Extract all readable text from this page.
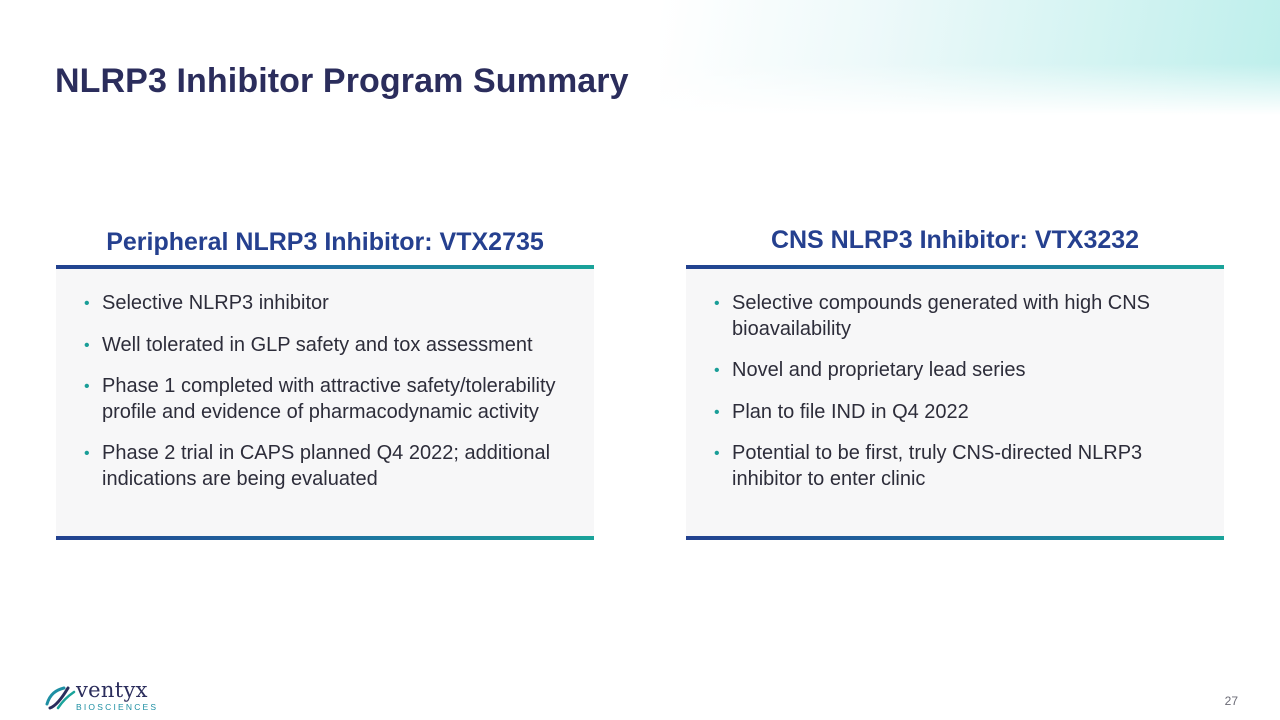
NLRP3 Inhibitor Program Summary
Peripheral NLRP3 Inhibitor: VTX2735
• Selective NLRP3 inhibitor
• Well tolerated in GLP safety and tox assessment
• Phase 1 completed with attractive safety/tolerability profile and evidence of pharmacodynamic activity
• Phase 2 trial in CAPS planned Q4 2022; additional indications are being evaluated
CNS NLRP3 Inhibitor: VTX3232
• Selective compounds generated with high CNS bioavailability
• Novel and proprietary lead series
• Plan to file IND in Q4 2022
• Potential to be first, truly CNS-directed NLRP3 inhibitor to enter clinic

ventyx

BIOSCIENCES	27
